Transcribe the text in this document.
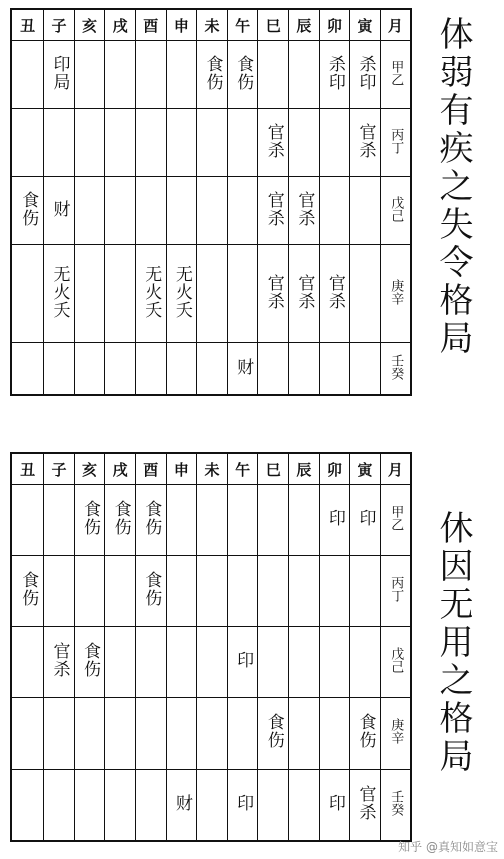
丑	子	亥	戌	酉	申	未	午	巳	辰	卯	寅	月
	印局					食伤	食伤			杀印	杀印	甲乙
								官杀			官杀	丙丁
食伤	财							官杀	官杀			戊己
	无火夭			无火夭	无火夭			官杀	官杀	官杀		庚辛
							财					壬癸
体弱有疾之失令格局
丑	子	亥	戌	酉	申	未	午	巳	辰	卯	寅	月
		食伤	食伤	食伤						印	印	甲乙
食伤				食伤								丙丁
	官杀	食伤					印					戊己
								食伤			食伤	庚辛
					财		印			印	官杀	壬癸
休因无用之格局
知乎 @真知如意宝
